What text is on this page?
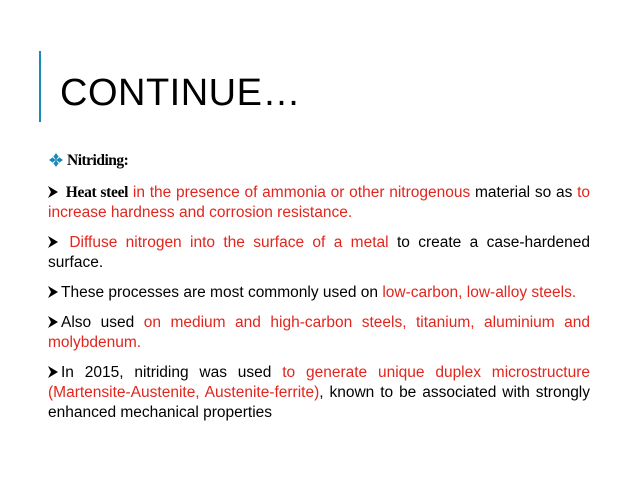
CONTINUE…
Nitriding:
Heat steel in the presence of ammonia or other nitrogenous material so as to increase hardness and corrosion resistance.
Diffuse nitrogen into the surface of a metal to create a case-hardened surface.
These processes are most commonly used on low-carbon, low-alloy steels.
Also used on medium and high-carbon steels, titanium, aluminium and molybdenum.
In 2015, nitriding was used to generate unique duplex microstructure (Martensite-Austenite, Austenite-ferrite), known to be associated with strongly enhanced mechanical properties
